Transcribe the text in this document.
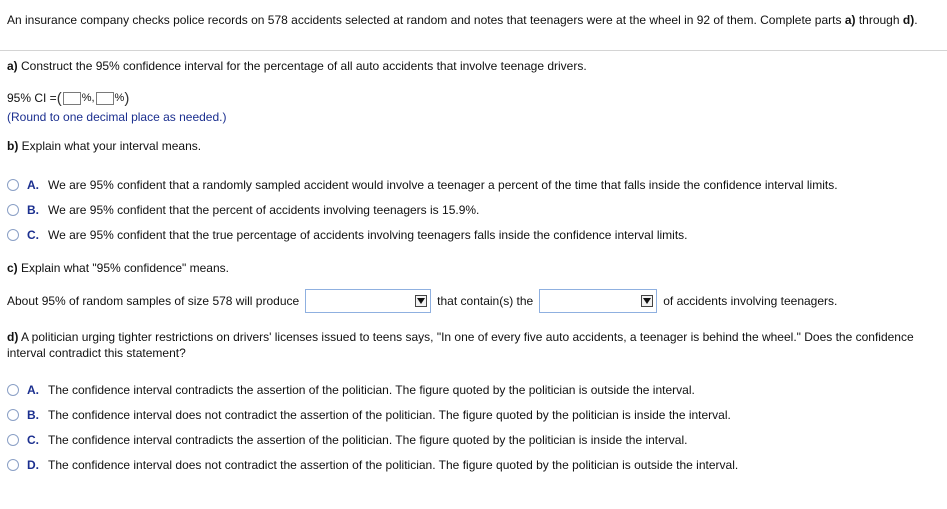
An insurance company checks police records on 578 accidents selected at random and notes that teenagers were at the wheel in 92 of them. Complete parts a) through d).
a) Construct the 95% confidence interval for the percentage of all auto accidents that involve teenage drivers.
95% CI = ( %, % )
(Round to one decimal place as needed.)
b) Explain what your interval means.
A. We are 95% confident that a randomly sampled accident would involve a teenager a percent of the time that falls inside the confidence interval limits.
B. We are 95% confident that the percent of accidents involving teenagers is 15.9%.
C. We are 95% confident that the true percentage of accidents involving teenagers falls inside the confidence interval limits.
c) Explain what "95% confidence" means.
About 95% of random samples of size 578 will produce	that contain(s) the	of accidents involving teenagers.
d) A politician urging tighter restrictions on drivers' licenses issued to teens says, "In one of every five auto accidents, a teenager is behind the wheel." Does the confidence interval contradict this statement?
A. The confidence interval contradicts the assertion of the politician. The figure quoted by the politician is outside the interval.
B. The confidence interval does not contradict the assertion of the politician. The figure quoted by the politician is inside the interval.
C. The confidence interval contradicts the assertion of the politician. The figure quoted by the politician is inside the interval.
D. The confidence interval does not contradict the assertion of the politician. The figure quoted by the politician is outside the interval.
